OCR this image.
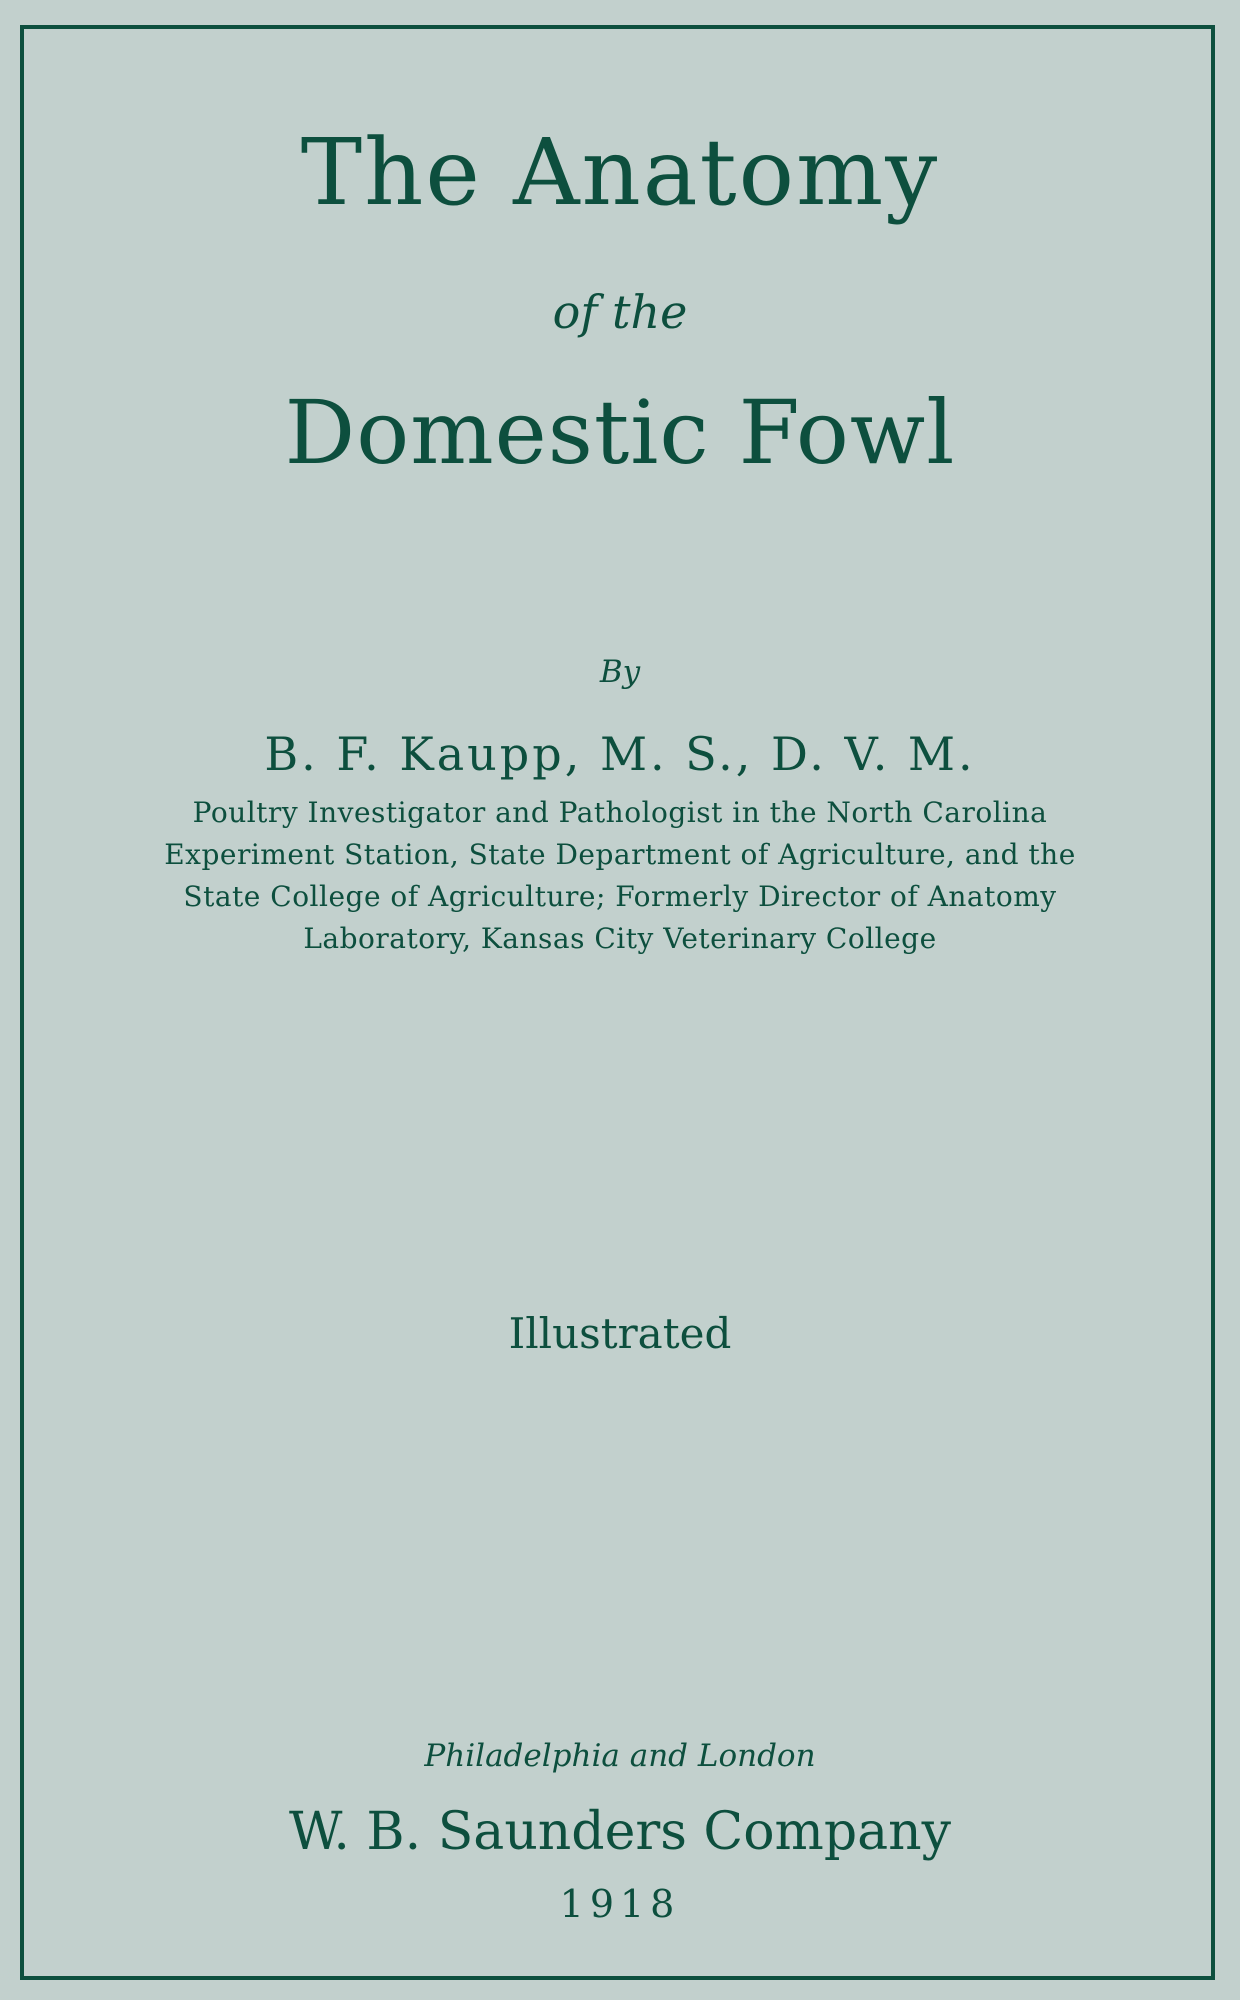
The Anatomy
of the
Domestic Fowl
By
B. F. Kaupp, M. S., D. V. M.
Poultry Investigator and Pathologist in the North Carolina
Experiment Station, State Department of Agriculture, and the
State College of Agriculture; Formerly Director of Anatomy
Laboratory, Kansas City Veterinary College
Illustrated
Philadelphia and London
W. B. Saunders Company
1918
